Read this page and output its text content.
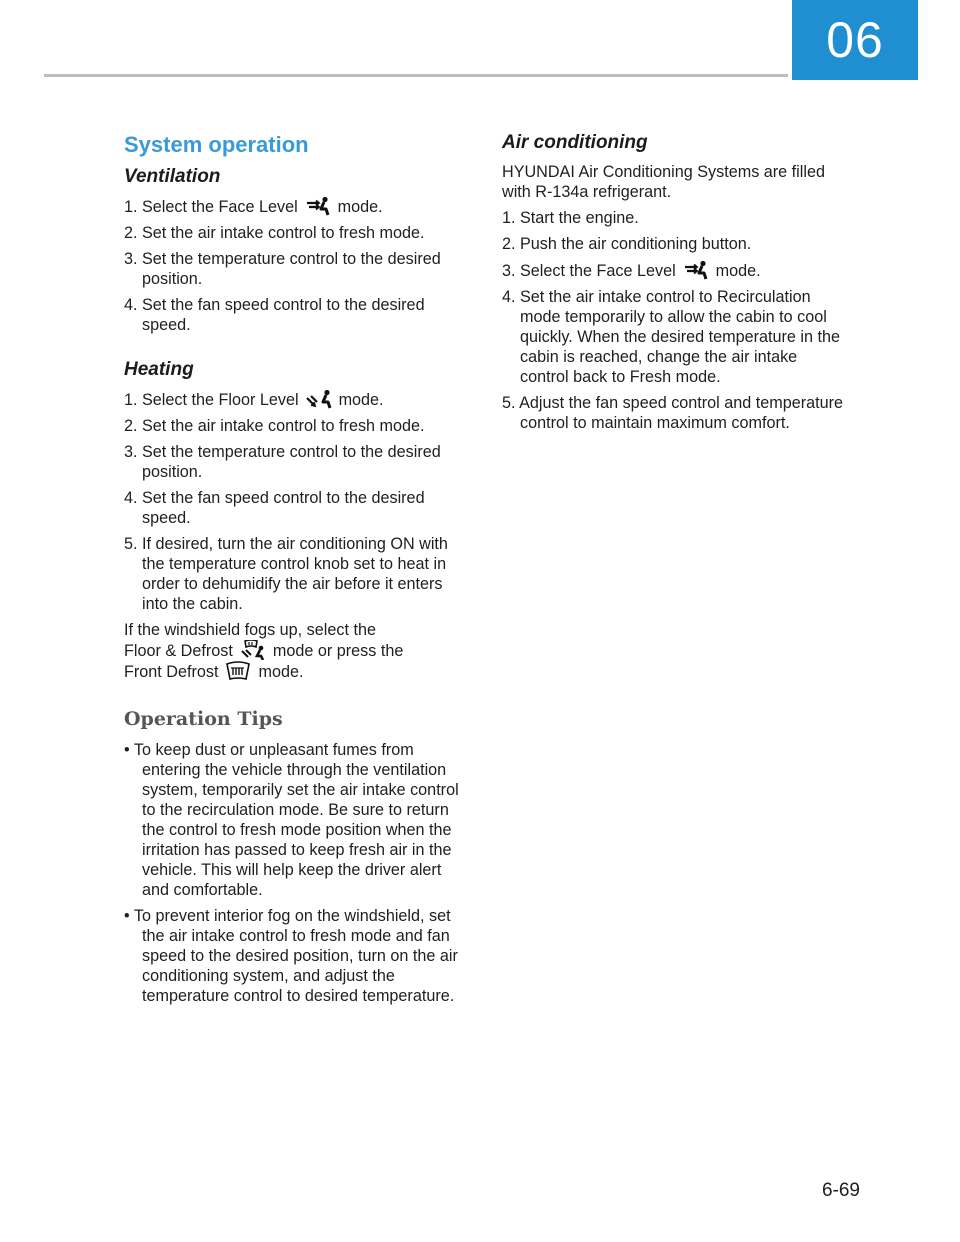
06
System operation
Ventilation
1. Select the Face Level mode.
2. Set the air intake control to fresh mode.
3. Set the temperature control to the desired position.
4. Set the fan speed control to the desired speed.
Heating
1. Select the Floor Level mode.
2. Set the air intake control to fresh mode.
3. Set the temperature control to the desired position.
4. Set the fan speed control to the desired speed.
5. If desired, turn the air conditioning ON with the temperature control knob set to heat in order to dehumidify the air before it enters into the cabin.

If the windshield fogs up, select the
Floor & Defrost mode or press the
Front Defrost mode.

Operation Tips
• To keep dust or unpleasant fumes from entering the vehicle through the ventilation system, temporarily set the air intake control to the recirculation mode. Be sure to return the control to fresh mode position when the irritation has passed to keep fresh air in the vehicle. This will help keep the driver alert and comfortable.
• To prevent interior fog on the windshield, set the air intake control to fresh mode and fan speed to the desired position, turn on the air conditioning system, and adjust the temperature control to desired temperature.
Air conditioning

HYUNDAI Air Conditioning Systems are filled with R-134a refrigerant.

1. Start the engine.
2. Push the air conditioning button.
3. Select the Face Level mode.
4. Set the air intake control to Recirculation mode temporarily to allow the cabin to cool quickly. When the desired temperature in the cabin is reached, change the air intake control back to Fresh mode.
5. Adjust the fan speed control and temperature control to maintain maximum comfort.
6-69
